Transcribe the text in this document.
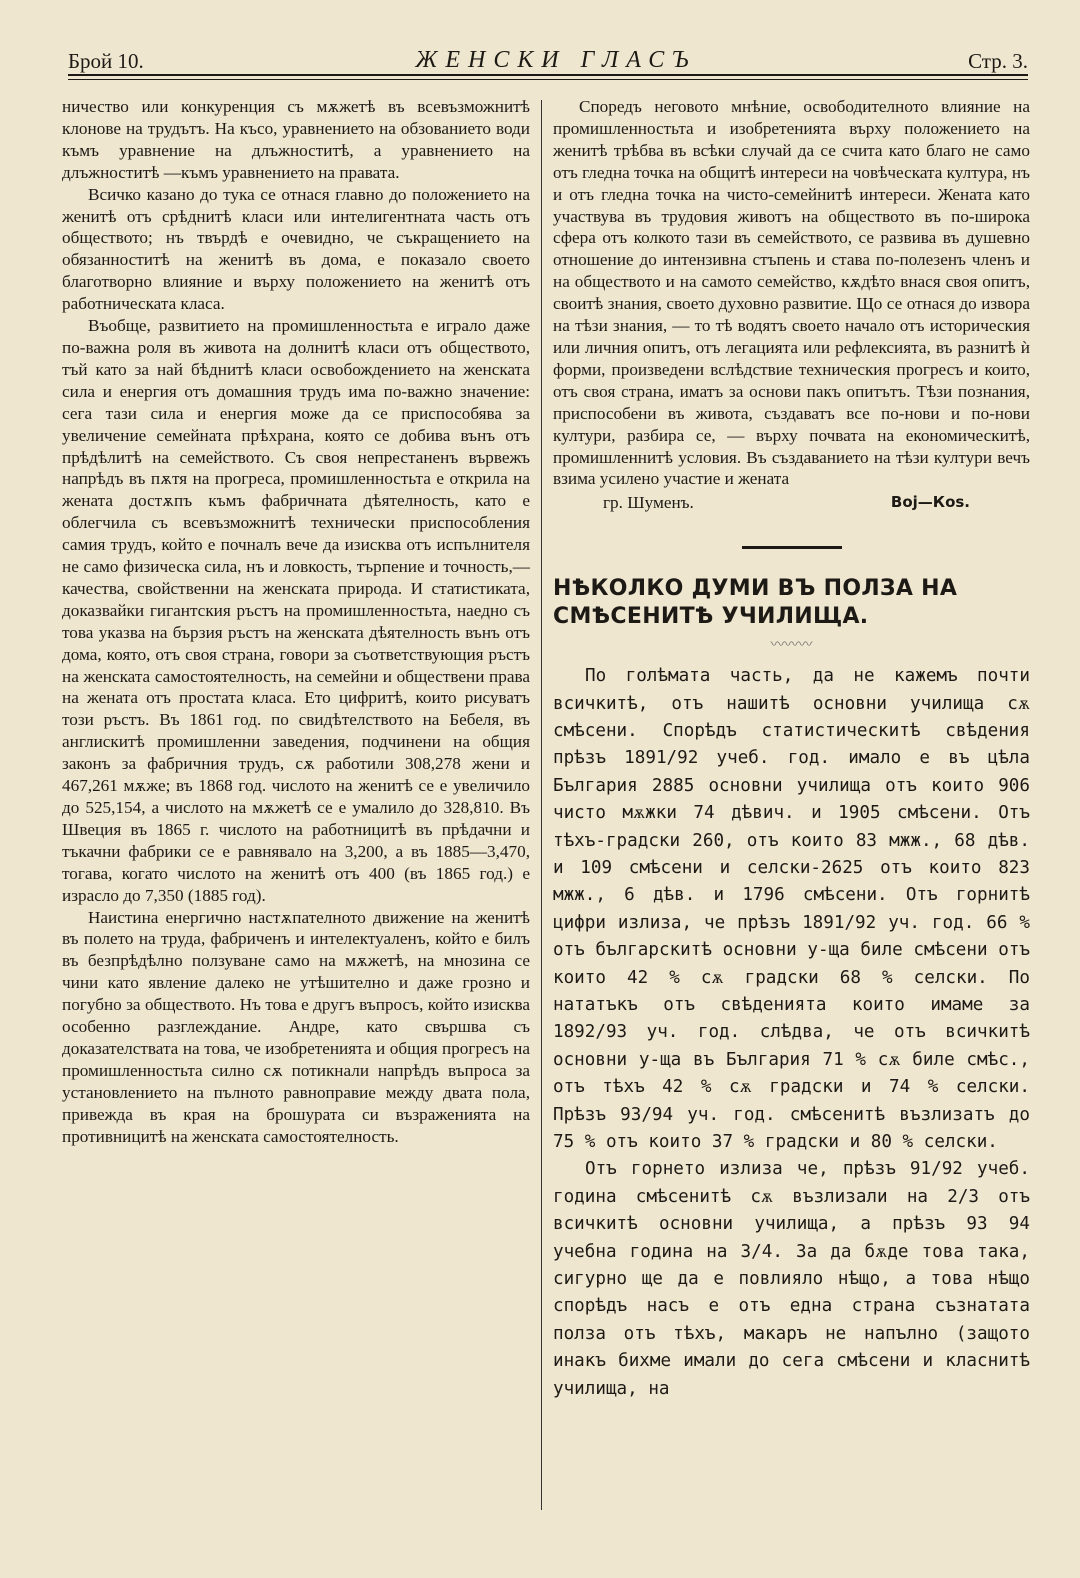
Брой 10.	ЖЕНСКИ ГЛАСЪ	Стр. 3.

ничество или конкуренция съ мѫжетѣ въ всевъзможнитѣ клонове на трудътъ. На късо, уравнението на обзованието води къмъ уравнение на длъжноститѣ, а уравнението на длъжноститѣ —къмъ уравнението на правата.

Всичко казано до тука се отнася главно до положението на женитѣ отъ срѣднитѣ класи или интелигентната часть отъ обществото; нъ твърдѣ е очевидно, че съкращението на обязанноститѣ на женитѣ въ дома, е показало своето благотворно влияние и върху положението на женитѣ отъ работническата класа.

Въобще, развитието на промишленностьта е играло даже по-важна роля въ живота на долнитѣ класи отъ обществото, тъй като за най бѣднитѣ класи освобождението на женската сила и енергия отъ домашния трудъ има по-важно значение: сега тази сила и енергия може да се приспособява за увеличение семейната прѣхрана, която се добива вънъ отъ прѣдѣлитѣ на семейството. Съ своя непрестаненъ вървежъ напрѣдъ въ пѫтя на прогреса, промишленностьта е открила на жената достѫпъ къмъ фабричната дѣятелность, като е облегчила съ всевъзможнитѣ технически приспособления самия трудъ, който е почналъ вече да изисква отъ испълнителя не само физическа сила, нъ и ловкость, търпение и точность,—качества, свойственни на женската природа. И статистиката, доказвайки гигантския ръстъ на промишленностьта, наедно съ това указва на бързия ръстъ на женската дѣятелность вънъ отъ дома, която, отъ своя страна, говори за съответствующия ръстъ на женската самостоятелность, на семейни и обществени права на жената отъ простата класа. Ето цифритѣ, които рисуватъ този ръстъ. Въ 1861 год. по свидѣтелството на Бебеля, въ англискитѣ промишленни заведения, подчинени на общия законъ за фабричния трудъ, сѫ работили 308,278 жени и 467,261 мѫже; въ 1868 год. числото на женитѣ се е увеличило до 525,154, а числото на мѫжетѣ се е умалило до 328,810. Въ Швеция въ 1865 г. числото на работницитѣ въ прѣдачни и тъкачни фабрики се е равнявало на 3,200, а въ 1885—3,470, тогава, когато числото на женитѣ отъ 400 (въ 1865 год.) е израсло до 7,350 (1885 год).

Наистина енергично настѫпателното движение на женитѣ въ полето на труда, фабриченъ и интелектуаленъ, който е билъ въ безпрѣдѣлно ползуване само на мѫжетѣ, на мнозина се чини като явление далеко не утѣшително и даже грозно и погубно за обществото. Нъ това е другъ въпросъ, който изисква особенно разглеждание. Андре, като свършва съ доказателствата на това, че изобретенията и общия прогресъ на промишленностьта силно сѫ потикнали напрѣдъ въпроса за установлението на пълното равноправие между двата пола, привежда въ края на брошурата си възраженията на противницитѣ на женската самостоятелность.

Споредъ неговото мнѣние, освободителното влияние на промишленностьта и изобретенията върху положението на женитѣ трѣбва въ всѣки случай да се счита като благо не само отъ гледна точка на общитѣ интереси на човѣческата култура, нъ и отъ гледна точка на чисто-семейнитѣ интереси. Жената като участвува въ трудовия животъ на обществото въ по-широка сфера отъ колкото тази въ семейството, се развива въ душевно отношение до интензивна стъпень и става по-полезенъ членъ и на обществото и на самото семейство, кѫдѣто внася своя опитъ, своитѣ знания, своето духовно развитие. Що се отнася до извора на тѣзи знания, — то тѣ водятъ своето начало отъ историческия или личния опитъ, отъ легацията или рефлексията, въ разнитѣ ѝ форми, произведени вслѣдствие техническия прогресъ и които, отъ своя страна, иматъ за основи пакъ опитътъ. Тѣзи познания, приспособени въ живота, създаватъ все по-нови и по-нови култури, разбира се, — върху почвата на економическитѣ, промишленнитѣ условия. Въ създаванието на тѣзи култури вечъ взима усилено участие и жената

гр. Шуменъ.	Воj—Коs.
НѢКОЛКО ДУМИ ВЪ ПОЛЗА НА СМѢСЕНИТѢ УЧИЛИЩА.
〰〰〰

По голѣмата часть, да не кажемъ почти всичкитѣ, отъ нашитѣ основни училища сѫ смѣсени. Спорѣдъ статистическитѣ свѣдения прѣзъ 1891/92 учеб. год. имало е въ цѣла България 2885 основни училища отъ които 906 чисто мѫжки 74 дѣвич. и 1905 смѣсени. Отъ тѣхъ-градски 260, отъ които 83 мжж., 68 дѣв. и 109 смѣсени и селски-2625 отъ които 823 мжж., 6 дѣв. и 1796 смѣсени. Отъ горнитѣ цифри излиза, че прѣзъ 1891/92 уч. год. 66 % отъ българскитѣ основни у-ща биле смѣсени отъ които 42 % сѫ градски 68 % селски. По нататъкъ отъ свѣденията които имаме за 1892/93 уч. год. слѣдва, че отъ всичкитѣ основни у-ща въ България 71 % сѫ биле смѣс., отъ тѣхъ 42 % сѫ градски и 74 % селски. Прѣзъ 93/94 уч. год. смѣсенитѣ възлизатъ до 75 % отъ които 37 % градски и 80 % селски.

Отъ горнето излиза че, прѣзъ 91/92 учеб. година смѣсенитѣ сѫ възлизали на 2/3 отъ всичкитѣ основни училища, а прѣзъ 93 94 учебна година на 3/4. За да бѫде това така, сигурно ще да е повлияло нѣщо, а това нѣщо спорѣдъ насъ е отъ една страна съзнатата полза отъ тѣхъ, макаръ не напълно (защото инакъ бихме имали до сега смѣсени и класнитѣ училища, на
